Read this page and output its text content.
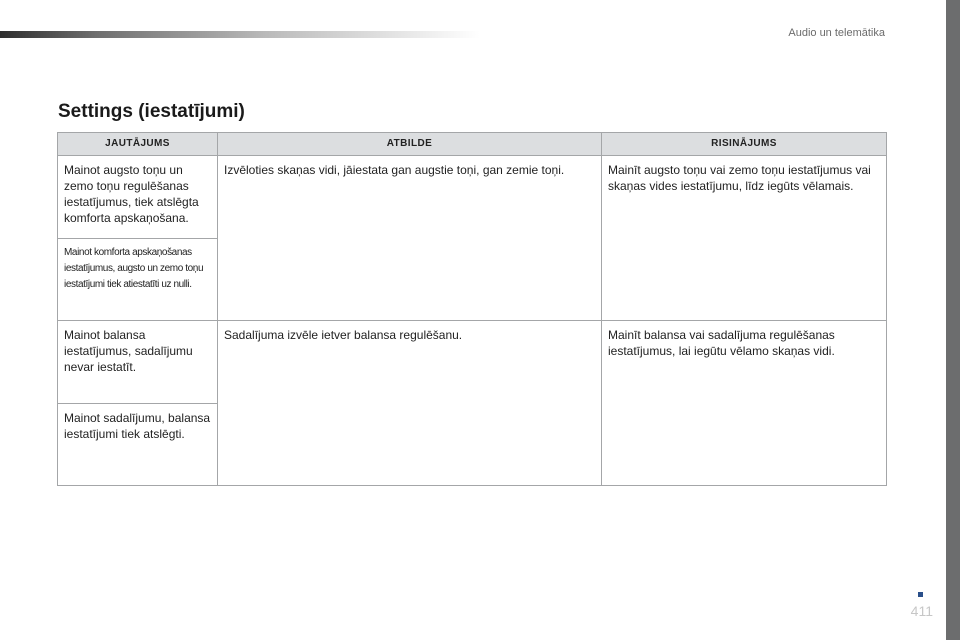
Audio un telemātika
Settings (iestatījumi)
JAUTĀJUMS	ATBILDE	RISINĀJUMS
Mainot augsto toņu un zemo toņu regulēšanas iestatījumus, tiek atslēgta komforta apskaņošana.	Izvēloties skaņas vidi, jāiestata gan augstie toņi, gan zemie toņi.	Mainīt augsto toņu vai zemo toņu iestatījumus vai skaņas vides iestatījumu, līdz iegūts vēlamais.
Mainot komforta apskaņošanas iestatījumus, augsto un zemo toņu iestatījumi tiek atiestatīti uz nulli.		
Mainot balansa iestatījumus, sadalījumu nevar iestatīt.	Sadalījuma izvēle ietver balansa regulēšanu.	Mainīt balansa vai sadalījuma regulēšanas iestatījumus, lai iegūtu vēlamo skaņas vidi.
Mainot sadalījumu, balansa iestatījumi tiek atslēgti.		
411
